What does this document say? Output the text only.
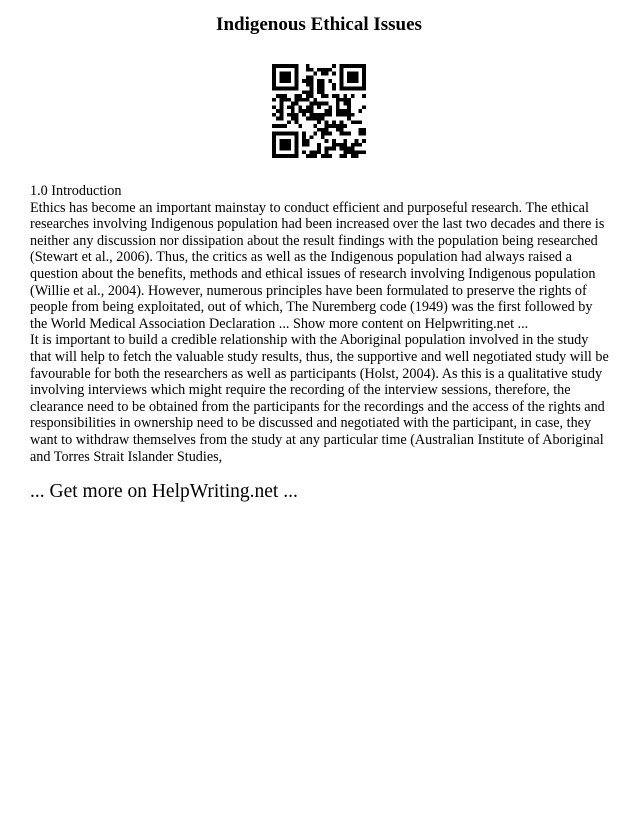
Indigenous Ethical Issues

1.0 Introduction

Ethics has become an important mainstay to conduct efficient and purposeful research. The ethical researches involving Indigenous population had been increased over the last two decades and there is neither any discussion nor dissipation about the result findings with the population being researched (Stewart et al., 2006). Thus, the critics as well as the Indigenous population had always raised a question about the benefits, methods and ethical issues of research involving Indigenous population (Willie et al., 2004). However, numerous principles have been formulated to preserve the rights of people from being exploitated, out of which, The Nuremberg code (1949) was the first followed by the World Medical Association Declaration ... Show more content on Helpwriting.net ...

It is important to build a credible relationship with the Aboriginal population involved in the study that will help to fetch the valuable study results, thus, the supportive and well negotiated study will be favourable for both the researchers as well as participants (Holst, 2004). As this is a qualitative study involving interviews which might require the recording of the interview sessions, therefore, the clearance need to be obtained from the participants for the recordings and the access of the rights and responsibilities in ownership need to be discussed and negotiated with the participant, in case, they want to withdraw themselves from the study at any particular time (Australian Institute of Aboriginal and Torres Strait Islander Studies,

... Get more on HelpWriting.net ...
